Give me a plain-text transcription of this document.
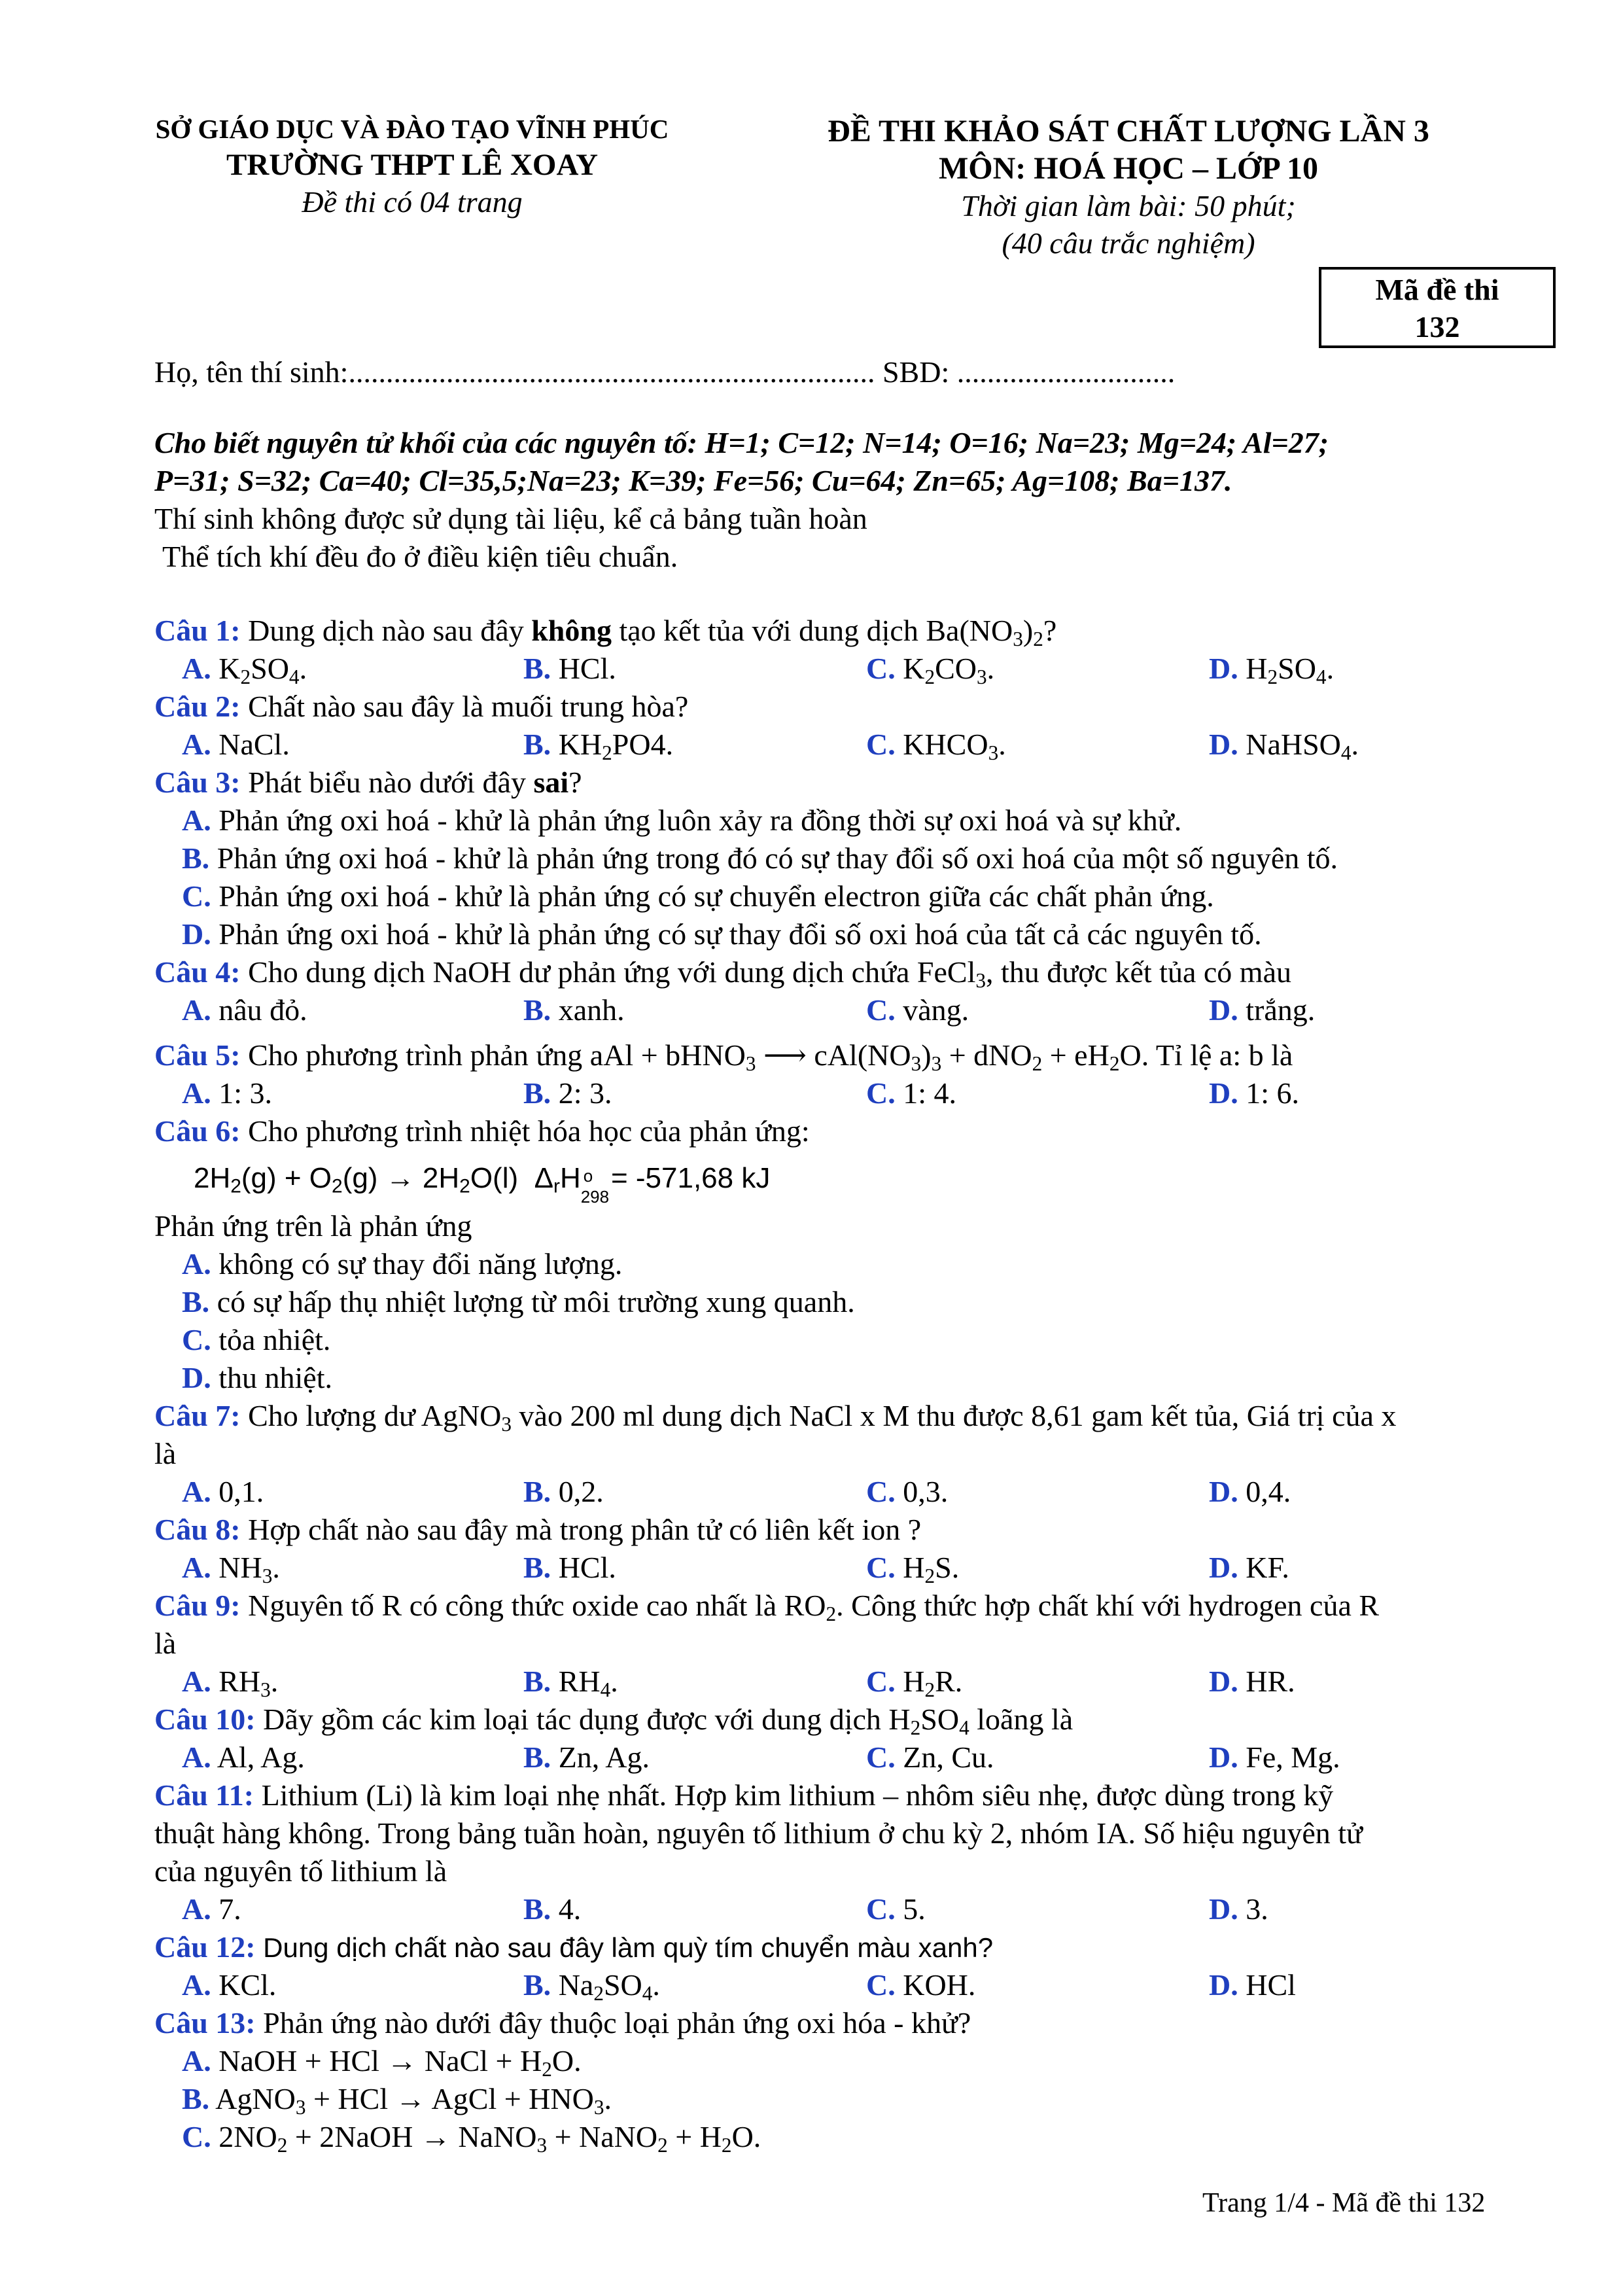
SỞ GIÁO DỤC VÀ ĐÀO TẠO VĨNH PHÚC
TRƯỜNG THPT LÊ XOAY
Đề thi có 04 trang
ĐỀ THI KHẢO SÁT CHẤT LƯỢNG LẦN 3
MÔN: HOÁ HỌC – LỚP 10
Thời gian làm bài: 50 phút;
(40 câu trắc nghiệm)
Mã đề thi
132
Họ, tên thí sinh:...................................................................... SBD: .............................
Cho biết nguyên tử khối của các nguyên tố: H=1; C=12; N=14; O=16; Na=23; Mg=24; Al=27;
P=31; S=32; Ca=40; Cl=35,5;Na=23; K=39; Fe=56; Cu=64; Zn=65; Ag=108; Ba=137.
Thí sinh không được sử dụng tài liệu, kể cả bảng tuần hoàn
Thể tích khí đều đo ở điều kiện tiêu chuẩn.
Câu 1: Dung dịch nào sau đây không tạo kết tủa với dung dịch $Ba(NO_3)_2$?
A. $K_2SO_4$.	B. HCl.	C. $K_2CO_3$.	D. $H_2SO_4$.
Câu 2: Chất nào sau đây là muối trung hòa?
A. NaCl.	B. $KH_2PO4$.	C. $KHCO_3$.	D. NaHSO$_4$.
Câu 3: Phát biểu nào dưới đây sai?
A. Phản ứng oxi hoá - khử là phản ứng luôn xảy ra đồng thời sự oxi hoá và sự khử.
B. Phản ứng oxi hoá - khử là phản ứng trong đó có sự thay đổi số oxi hoá của một số nguyên tố.
C. Phản ứng oxi hoá - khử là phản ứng có sự chuyển electron giữa các chất phản ứng.
D. Phản ứng oxi hoá - khử là phản ứng có sự thay đổi số oxi hoá của tất cả các nguyên tố.
Câu 4: Cho dung dịch NaOH dư phản ứng với dung dịch chứa FeCl$_3$, thu được kết tủa có màu
A. nâu đỏ.	B. xanh.	C. vàng.	D. trắng.
Câu 5: Cho phương trình phản ứng aAl + bHNO$_3$ ⟶ $cAl(NO_3)_3 + dNO_2 + eH_2O$. Tỉ lệ a: b là
A. 1: 3.	B. 2: 3.	C. 1: 4.	D. 1: 6.
Câu 6: Cho phương trình nhiệt hóa học của phản ứng:
$2H_2(g) + O_2(g) \to 2H_2O(l)$ $\Delta_rH$ o
298
= -571,68 kJ
Phản ứng trên là phản ứng
A. không có sự thay đổi năng lượng.
B. có sự hấp thụ nhiệt lượng từ môi trường xung quanh.
C. tỏa nhiệt.
D. thu nhiệt.
Câu 7: Cho lượng dư AgNO$_3$ vào 200 ml dung dịch NaCl x M thu được 8,61 gam kết tủa, Giá trị của x
là
A. 0,1.	B. 0,2.	C. 0,3.	D. 0,4.
Câu 8: Hợp chất nào sau đây mà trong phân tử có liên kết ion ?
A. $NH_3$.	B. HCl.	C. $H_2S$.	D. KF.
Câu 9: Nguyên tố R có công thức oxide cao nhất là $RO_2$. Công thức hợp chất khí với hydrogen của R
là
A. $RH_3$.	B. $RH_4$.	C. $H_2R$.	D. HR.
Câu 10: Dãy gồm các kim loại tác dụng được với dung dịch $H_2SO_4$ loãng là
A. Al, Ag.	B. Zn, Ag.	C. Zn, Cu.	D. Fe, Mg.
Câu 11: Lithium (Li) là kim loại nhẹ nhất. Hợp kim lithium – nhôm siêu nhẹ, được dùng trong kỹ
thuật hàng không. Trong bảng tuần hoàn, nguyên tố lithium ở chu kỳ 2, nhóm IA. Số hiệu nguyên tử
của nguyên tố lithium là
A. 7.	B. 4.	C. 5.	D. 3.
Câu 12: Dung dịch chất nào sau đây làm quỳ tím chuyển màu xanh?
A. KCl.	B. $Na_2SO_4$.	C. KOH.	D. HCl
Câu 13: Phản ứng nào dưới đây thuộc loại phản ứng oxi hóa - khử?
A. NaOH + HCl → NaCl + $H_2O$.
B. AgNO$_3$ + HCl → AgCl + $HNO_3$.
C. $2NO_2$ + 2NaOH → NaNO$_3$ + NaNO$_2$ + $H_2O$.
Trang 1/4 - Mã đề thi 132
